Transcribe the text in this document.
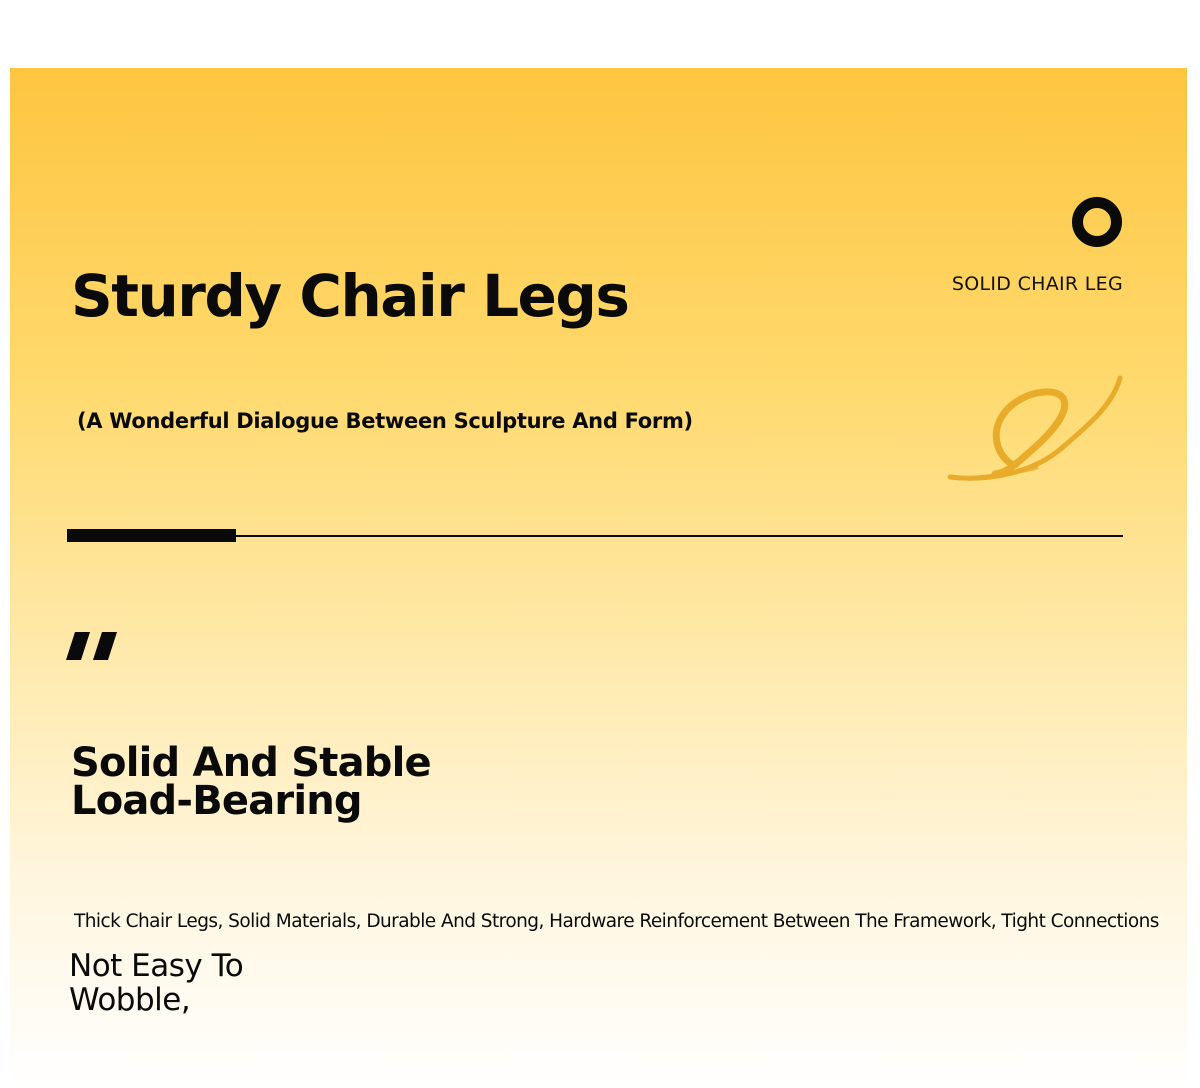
Sturdy Chair Legs

(A Wonderful Dialogue Between Sculpture And Form)

SOLID CHAIR LEG
Solid And Stable
Load-Bearing

Thick Chair Legs, Solid Materials, Durable And Strong, Hardware Reinforcement Between The Framework, Tight Connections

Not Easy To
Wobble,
